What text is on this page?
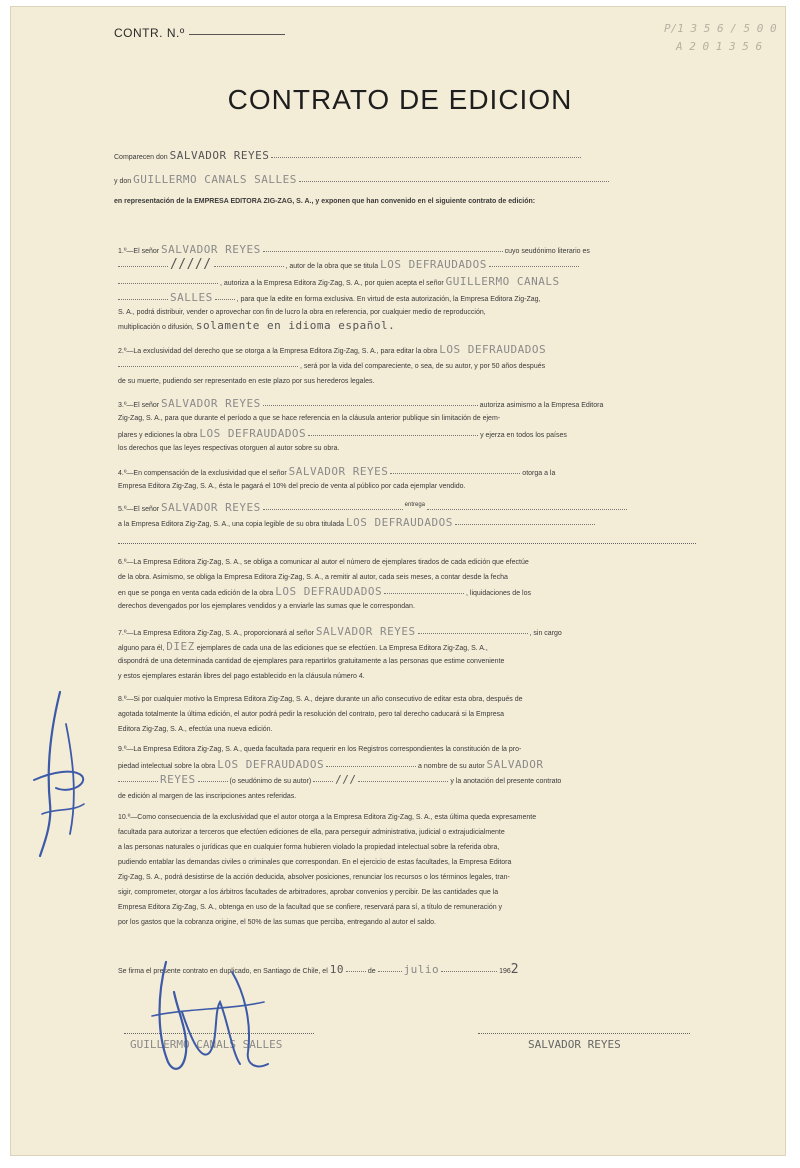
CONTR. N.º	P/1 3 5 6 / 5 0 0
A 2 0 1 3 5 6
CONTRATO DE EDICION
Comparecen don SALVADOR REYES
y don GUILLERMO CANALS SALLES
en representación de la EMPRESA EDITORA ZIG-ZAG, S. A., y exponen que han convenido en el siguiente contrato de edición:
1.º—El señor SALVADOR REYES	cuyo seudónimo literario es
/////	, autor de la obra que se titula LOS DEFRAUDADOS
, autoriza a la Empresa Editora Zig-Zag, S. A., por quien acepta el señor GUILLERMO CANALS
SALLES	, para que la edite en forma exclusiva. En virtud de esta autorización, la Empresa Editora Zig-Zag,
S. A., podrá distribuir, vender o aprovechar con fin de lucro la obra en referencia, por cualquier medio de reproducción,
multiplicación o difusión, solamente en idioma español.
2.º—La exclusividad del derecho que se otorga a la Empresa Editora Zig-Zag, S. A., para editar la obra LOS DEFRAUDADOS
, será por la vida del compareciente, o sea, de su autor, y por 50 años después
de su muerte, pudiendo ser representado en este plazo por sus herederos legales.
3.º—El señor SALVADOR REYES	autoriza asimismo a la Empresa Editora
Zig-Zag, S. A., para que durante el período a que se hace referencia en la cláusula anterior publique sin limitación de ejem-
plares y ediciones la obra LOS DEFRAUDADOS	y ejerza en todos los países
los derechos que las leyes respectivas otorguen al autor sobre su obra.
4.º—En compensación de la exclusividad que el señor SALVADOR REYES	otorga a la
Empresa Editora Zig-Zag, S. A., ésta le pagará el 10% del precio de venta al público por cada ejemplar vendido.
5.º—El señor SALVADOR REYES	entrega
a la Empresa Editora Zig-Zag, S. A., una copia legible de su obra titulada LOS DEFRAUDADOS
6.º—La Empresa Editora Zig-Zag, S. A., se obliga a comunicar al autor el número de ejemplares tirados de cada edición que efectúe
de la obra. Asimismo, se obliga la Empresa Editora Zig-Zag, S. A., a remitir al autor, cada seis meses, a contar desde la fecha
en que se ponga en venta cada edición de la obra LOS DEFRAUDADOS	, liquidaciones de los
derechos devengados por los ejemplares vendidos y a enviarle las sumas que le correspondan.
7.º—La Empresa Editora Zig-Zag, S. A., proporcionará al señor SALVADOR REYES	, sin cargo
alguno para él, DIEZ ejemplares de cada una de las ediciones que se efectúen. La Empresa Editora Zig-Zag, S. A.,
dispondrá de una determinada cantidad de ejemplares para repartirlos gratuitamente a las personas que estime conveniente
y estos ejemplares estarán libres del pago establecido en la cláusula número 4.
8.º—Si por cualquier motivo la Empresa Editora Zig-Zag, S. A., dejare durante un año consecutivo de editar esta obra, después de
agotada totalmente la última edición, el autor podrá pedir la resolución del contrato, pero tal derecho caducará si la Empresa
Editora Zig-Zag, S. A., efectúa una nueva edición.
9.º—La Empresa Editora Zig-Zag, S. A., queda facultada para requerir en los Registros correspondientes la constitución de la pro-
piedad intelectual sobre la obra LOS DEFRAUDADOS	a nombre de su autor SALVADOR
REYES	(o seudónimo de su autor) ///	y la anotación del presente contrato
de edición al margen de las inscripciones antes referidas.
10.º—Como consecuencia de la exclusividad que el autor otorga a la Empresa Editora Zig-Zag, S. A., esta última queda expresamente
facultada para autorizar a terceros que efectúen ediciones de ella, para perseguir administrativa, judicial o extrajudicialmente
a las personas naturales o jurídicas que en cualquier forma hubieren violado la propiedad intelectual sobre la referida obra,
pudiendo entablar las demandas civiles o criminales que correspondan. En el ejercicio de estas facultades, la Empresa Editora
Zig-Zag, S. A., podrá desistirse de la acción deducida, absolver posiciones, renunciar los recursos o los términos legales, tran-
sigir, comprometer, otorgar a los árbitros facultades de arbitradores, aprobar convenios y percibir. De las cantidades que la
Empresa Editora Zig-Zag, S. A., obtenga en uso de la facultad que se confiere, reservará para sí, a título de remuneración y
por los gastos que la cobranza origine, el 50% de las sumas que perciba, entregando al autor el saldo.
Se firma el presente contrato en duplicado, en Santiago de Chile, el 10	de	julio	1962
GUILLERMO CANALS SALLES	SALVADOR REYES
